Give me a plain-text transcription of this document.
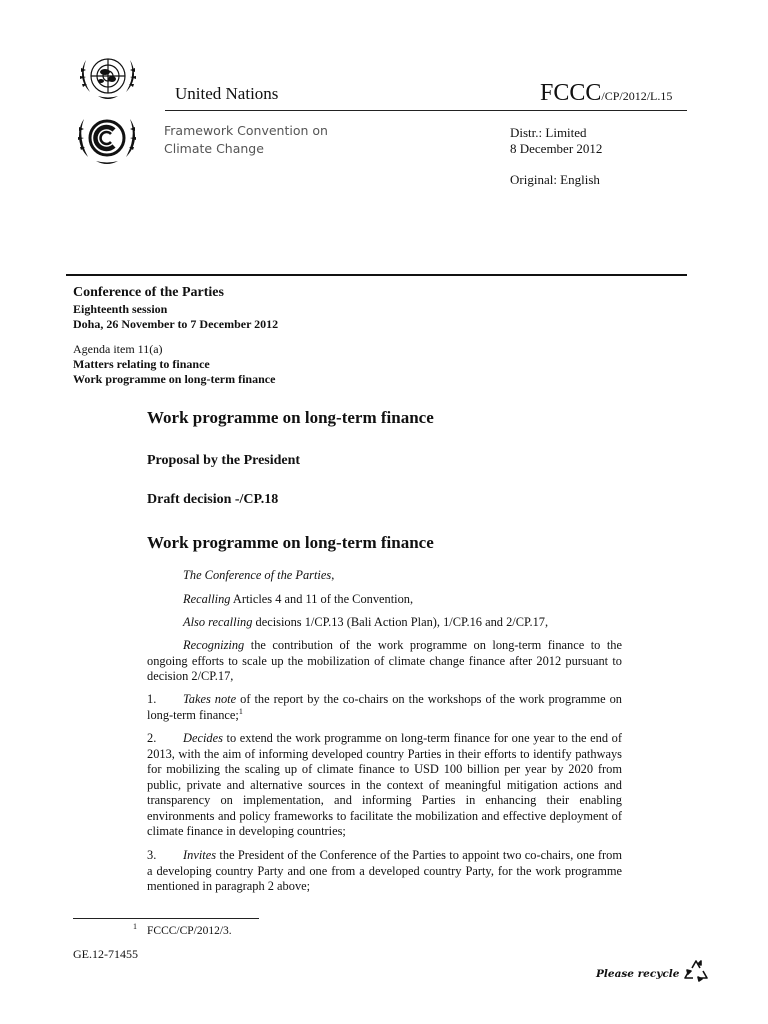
United Nations	FCCC/CP/2012/L.15
Framework Convention on
Climate Change
Distr.: Limited
8 December 2012
Original: English
Conference of the Parties
Eighteenth session
Doha, 26 November to 7 December 2012
Agenda item 11(a)
Matters relating to finance
Work programme on long-term finance
Work programme on long-term finance
Proposal by the President
Draft decision -/CP.18
Work programme on long-term finance
The Conference of the Parties,
Recalling Articles 4 and 11 of the Convention,
Also recalling decisions 1/CP.13 (Bali Action Plan), 1/CP.16 and 2/CP.17,
Recognizing the contribution of the work programme on long-term finance to the ongoing efforts to scale up the mobilization of climate change finance after 2012 pursuant to decision 2/CP.17,
1. Takes note of the report by the co-chairs on the workshops of the work programme on long-term finance;$^1$
2. Decides to extend the work programme on long-term finance for one year to the end of 2013, with the aim of informing developed country Parties in their efforts to identify pathways for mobilizing the scaling up of climate finance to USD 100 billion per year by 2020 from public, private and alternative sources in the context of meaningful mitigation actions and transparency on implementation, and informing Parties in enhancing their enabling environments and policy frameworks to facilitate the mobilization and effective deployment of climate finance in developing countries;
3. Invites the President of the Conference of the Parties to appoint two co-chairs, one from a developing country Party and one from a developed country Party, for the work programme mentioned in paragraph 2 above;
$^1$ FCCC/CP/2012/3.
GE.12-71455
Please recycle
